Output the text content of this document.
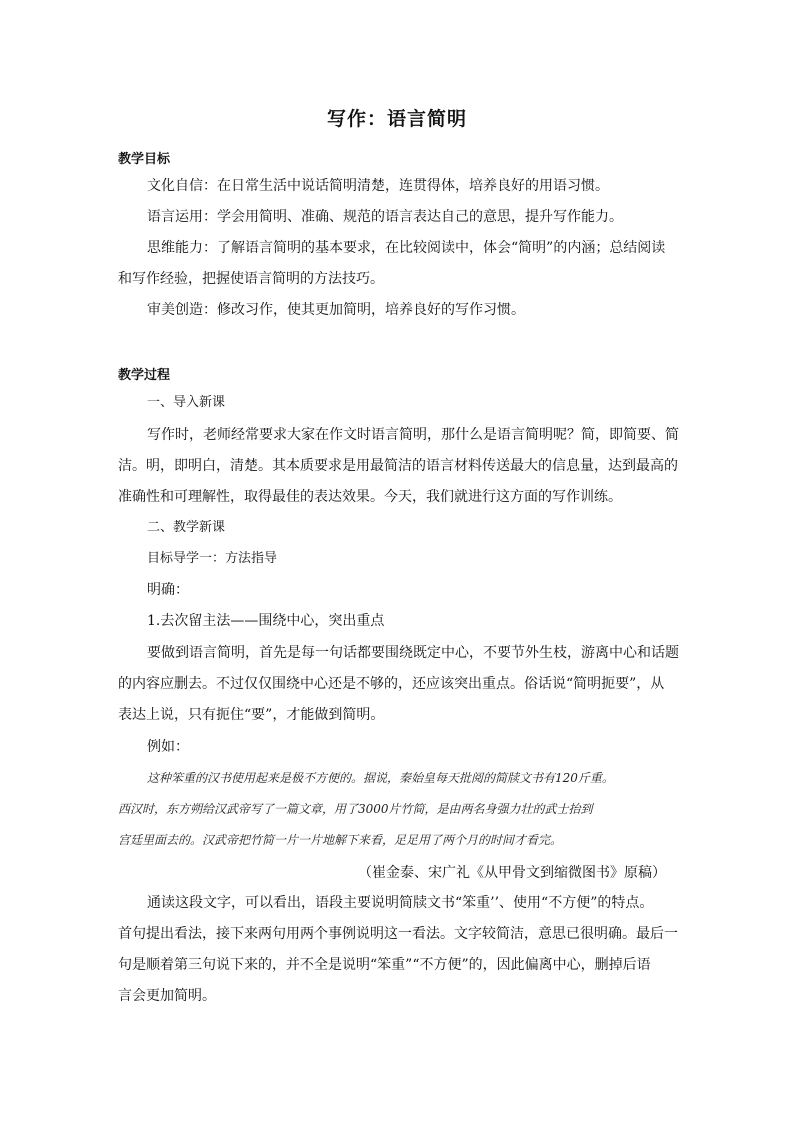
写作：语言简明
教学目标
文化自信：在日常生活中说话简明清楚，连贯得体，培养良好的用语习惯。
语言运用：学会用简明、准确、规范的语言表达自己的意思，提升写作能力。
思维能力：了解语言简明的基本要求，在比较阅读中，体会“简明”的内涵；总结阅读
和写作经验，把握使语言简明的方法技巧。
审美创造：修改习作，使其更加简明，培养良好的写作习惯。
教学过程
一、导入新课
写作时，老师经常要求大家在作文时语言简明，那什么是语言简明呢？简，即简要、简
洁。明，即明白，清楚。其本质要求是用最简洁的语言材料传送最大的信息量，达到最高的
准确性和可理解性，取得最佳的表达效果。今天，我们就进行这方面的写作训练。
二、教学新课
目标导学一：方法指导
明确：
1.去次留主法——围绕中心，突出重点
要做到语言简明，首先是每一句话都要围绕既定中心，不要节外生枝，游离中心和话题
的内容应删去。不过仅仅围绕中心还是不够的，还应该突出重点。俗话说“简明扼要”，从
表达上说，只有扼住“要”，才能做到简明。
例如：
这种笨重的汉书使用起来是极不方便的。据说，秦始皇每天批阅的简牍文书有120斤重。
西汉时，东方朔给汉武帝写了一篇文章，用了3000片竹简，是由两名身强力壮的武士抬到
宫廷里面去的。汉武帝把竹简一片一片地解下来看，足足用了两个月的时间才看完。
（崔金泰、宋广礼《从甲骨文到缩微图书》原稿）
通读这段文字，可以看出，语段主要说明简牍文书“笨重’’、使用“不方便”的特点。
首句提出看法，接下来两句用两个事例说明这一看法。文字较简洁，意思已很明确。最后一
句是顺着第三句说下来的，并不全是说明“笨重”“不方便”的，因此偏离中心，删掉后语
言会更加简明。
